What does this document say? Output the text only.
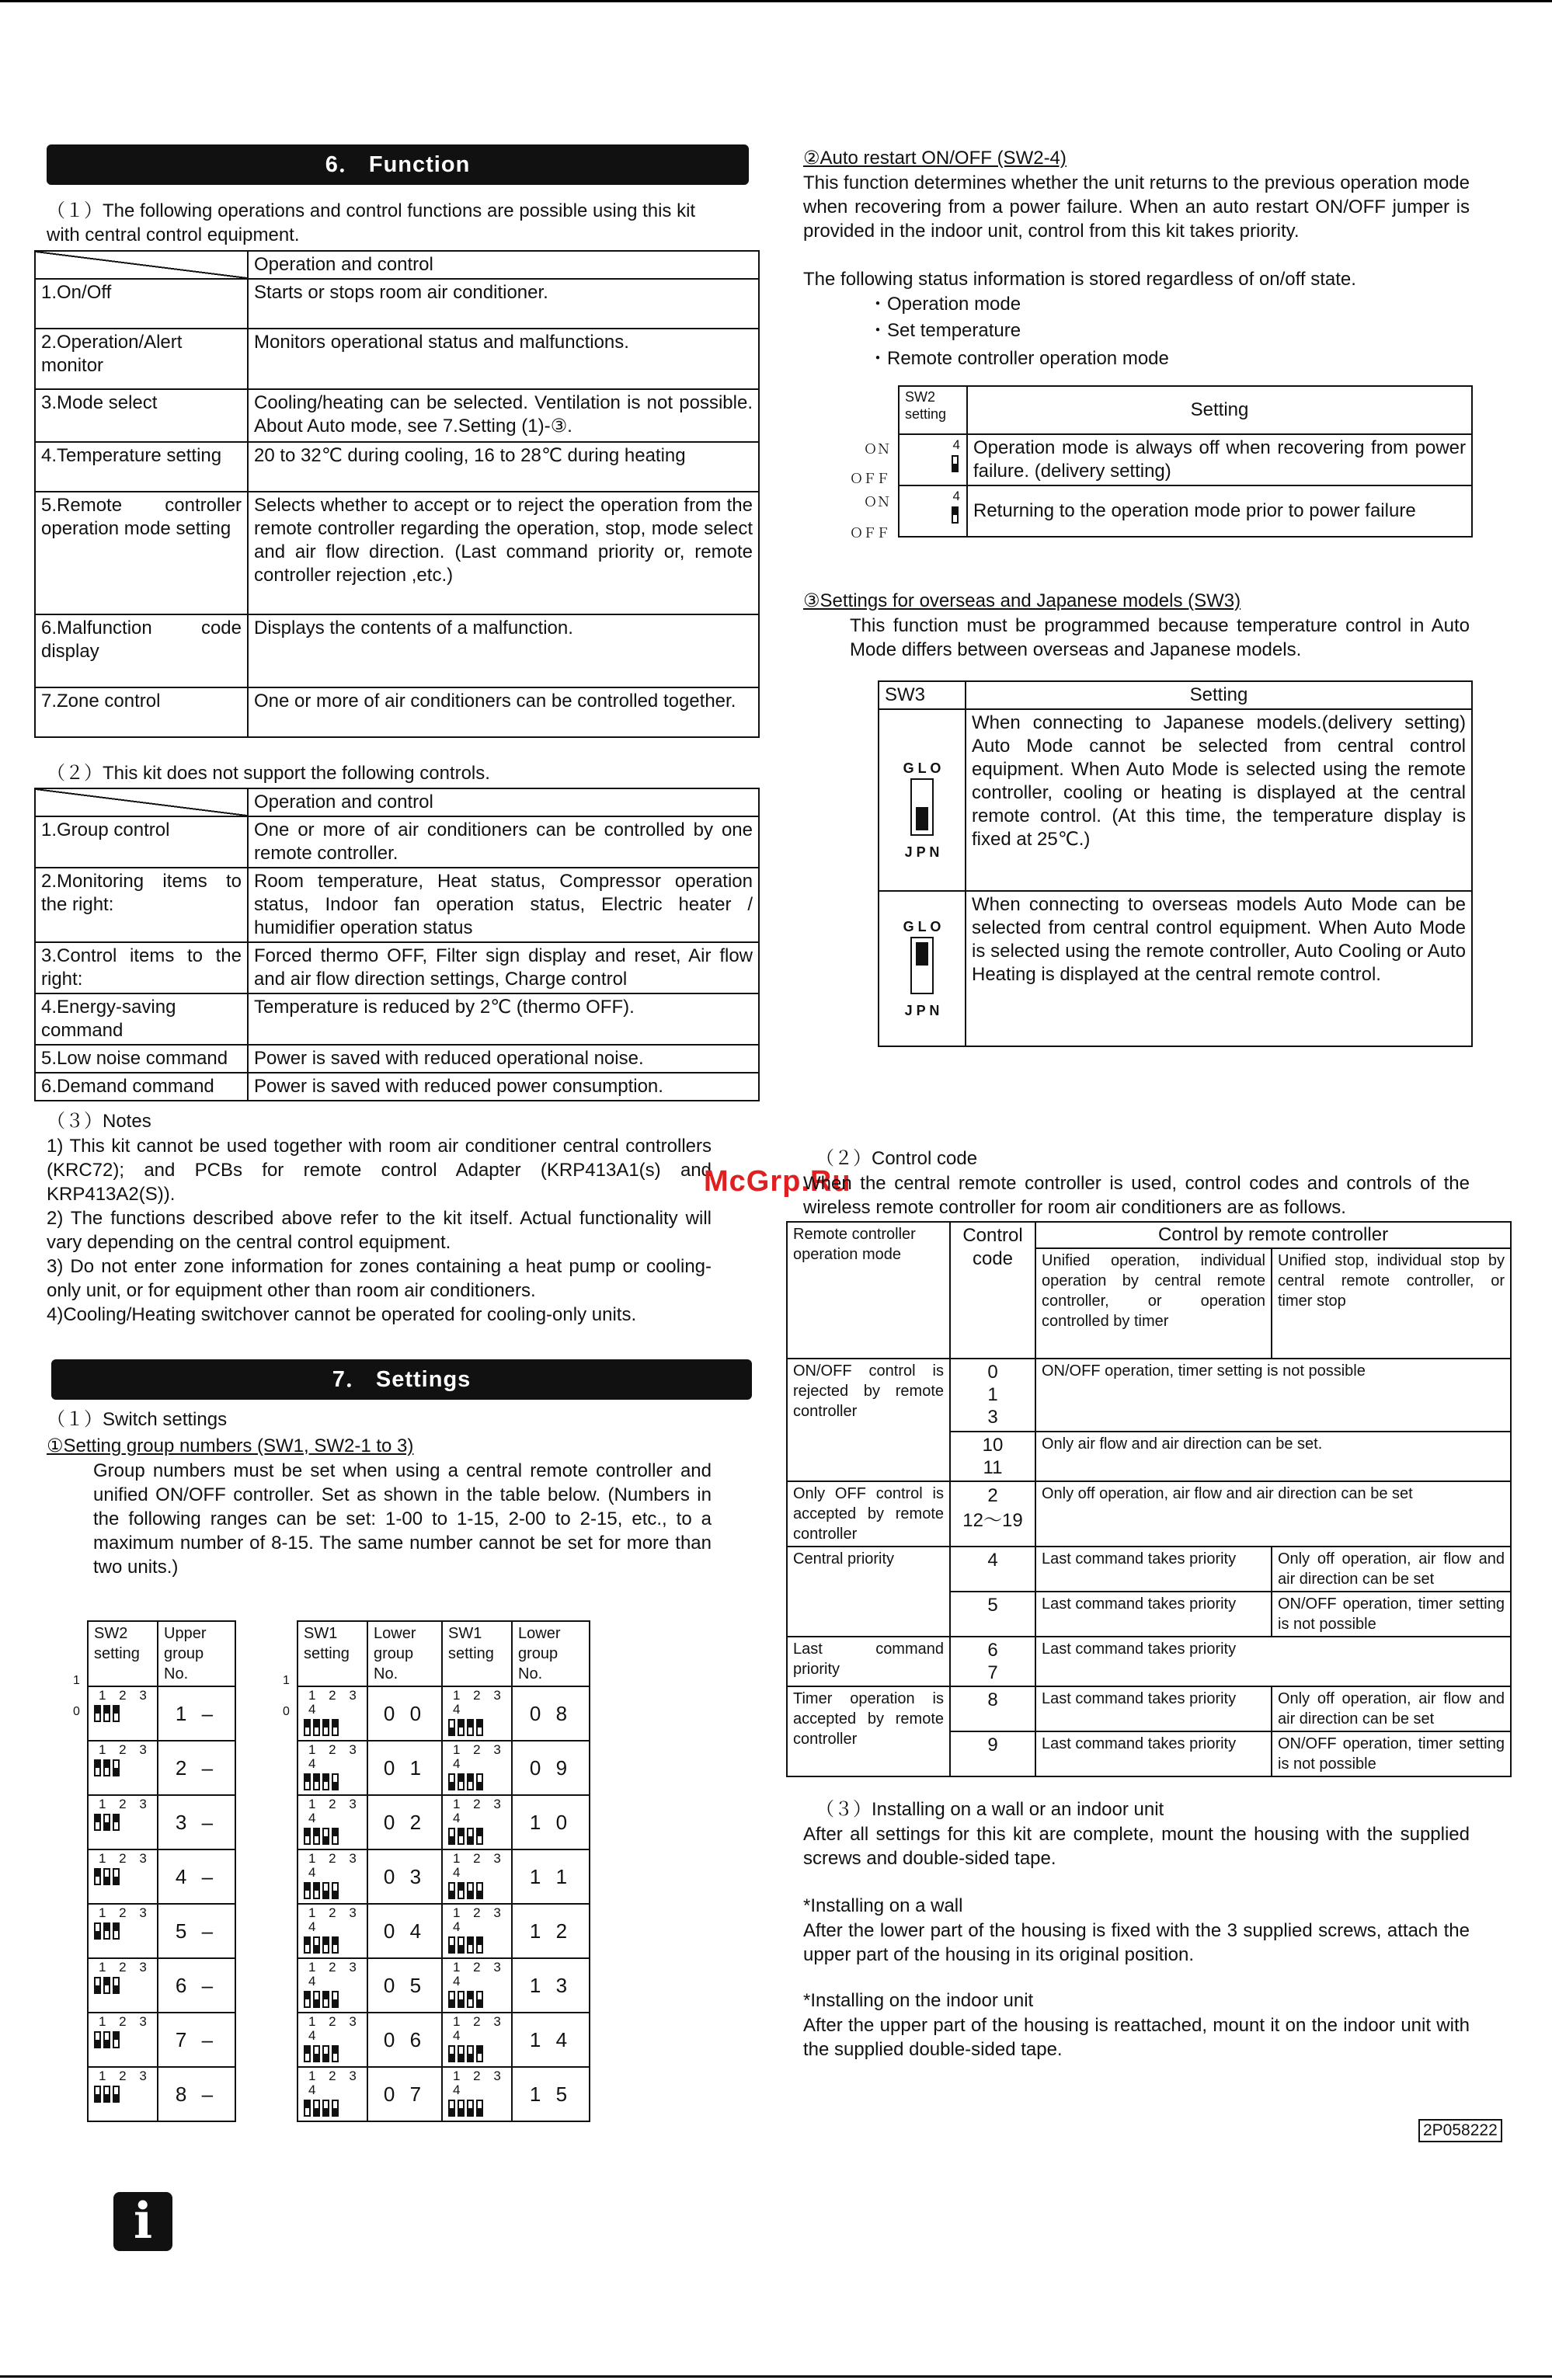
6． Function
（１）The following operations and control functions are possible using this kit with central control equipment.
	Operation and control
1.On/Off	Starts or stops room air conditioner.
2.Operation/Alert monitor	Monitors operational status and malfunctions.
3.Mode select	Cooling/heating can be selected. Ventilation is not possible. About Auto mode, see 7.Setting (1)-③.
4.Temperature setting	20 to 32℃ during cooling, 16 to 28℃ during heating
5.Remote controller operation mode setting	Selects whether to accept or to reject the operation from the remote controller regarding the operation, stop, mode select and air flow direction. (Last command priority or, remote controller rejection ,etc.)
6.Malfunction code display	Displays the contents of a malfunction.
7.Zone control	One or more of air conditioners can be controlled together.
（２）This kit does not support the following controls.
	Operation and control
1.Group control	One or more of air conditioners can be controlled by one remote controller.
2.Monitoring items to the right:	Room temperature, Heat status, Compressor operation status, Indoor fan operation status, Electric heater / humidifier operation status
3.Control items to the right:	Forced thermo OFF, Filter sign display and reset, Air flow and air flow direction settings, Charge control
4.Energy-saving command	Temperature is reduced by 2℃ (thermo OFF).
5.Low noise command	Power is saved with reduced operational noise.
6.Demand command	Power is saved with reduced power consumption.
（３）Notes
1) This kit cannot be used together with room air conditioner central controllers (KRC72); and PCBs for remote control Adapter (KRP413A1(s) and KRP413A2(S)).
2) The functions described above refer to the kit itself. Actual functionality will vary depending on the central control equipment.
3) Do not enter zone information for zones containing a heat pump or cooling-only unit, or for equipment other than room air conditioners.
4)Cooling/Heating switchover cannot be operated for cooling-only units.
7． Settings
（１）Switch settings
①Setting group numbers (SW1, SW2-1 to 3)
Group numbers must be set when using a central remote controller and unified ON/OFF controller. Set as shown in the table below. (Numbers in the following ranges can be set: 1-00 to 1-15, 2-00 to 2-15, etc., to a maximum number of 8-15. The same number cannot be set for more than two units.)
1
0
SW2 setting	Upper group No.

1 2 3	1 –

1 2 3	2 –

1 2 3	3 –

1 2 3	4 –

1 2 3	5 –

1 2 3	6 –

1 2 3	7 –

1 2 3	8 –
1
0
SW1 setting	Lower group No.	SW1 setting	Lower group No.

1 2 3 4	0 0	1 2 3 4	0 8

1 2 3 4	0 1	1 2 3 4	0 9

1 2 3 4	0 2	1 2 3 4	1 0

1 2 3 4	0 3	1 2 3 4	1 1

1 2 3 4	0 4	1 2 3 4	1 2

1 2 3 4	0 5	1 2 3 4	1 3

1 2 3 4	0 6	1 2 3 4	1 4

1 2 3 4	0 7	1 2 3 4	1 5
i
②Auto restart ON/OFF (SW2-4)
This function determines whether the unit returns to the previous operation mode when recovering from a power failure. When an auto restart ON/OFF jumper is provided in the indoor unit, control from this kit takes priority.
The following status information is stored regardless of on/off state.
・Operation mode
・Set temperature
・Remote controller operation mode
SW2 setting	Setting

4	Operation mode is always off when recovering from power failure. (delivery setting)

4	Returning to the operation mode prior to power failure
ＯＮ
ＯＦＦ
ＯＮ
ＯＦＦ
③Settings for overseas and Japanese models (SW3)
This function must be programmed because temperature control in Auto Mode differs between overseas and Japanese models.
SW3	Setting

G L O
J P N	When connecting to Japanese models.(delivery setting) Auto Mode cannot be selected from central control equipment. When Auto Mode is selected using the remote controller, cooling or heating is displayed at the central remote control. (At this time, the temperature display is fixed at 25℃.)

G L O
J P N	When connecting to overseas models Auto Mode can be selected from central control equipment. When Auto Mode is selected using the remote controller, Auto Cooling or Auto Heating is displayed at the central remote control.
（２）Control code
McGrp.Ru
When the central remote controller is used, control codes and controls of the wireless remote controller for room air conditioners are as follows.
Remote controller operation mode	Control code	Control by remote controller	
		Unified operation, individual operation by central remote controller, or operation controlled by timer	Unified stop, individual stop by central remote controller, or timer stop
ON/OFF control is rejected by remote controller	0
1
3	ON/OFF operation, timer setting is not possible	
	10
11	Only air flow and air direction can be set.	
Only OFF control is accepted by remote controller	2
12～19	Only off operation, air flow and air direction can be set	
Central priority	4	Last command takes priority	Only off operation, air flow and air direction can be set
	5	Last command takes priority	ON/OFF operation, timer setting is not possible
Last command priority	6
7	Last command takes priority	
Timer operation is accepted by remote controller	8	Last command takes priority	Only off operation, air flow and air direction can be set
	9	Last command takes priority	ON/OFF operation, timer setting is not possible
（３）Installing on a wall or an indoor unit
After all settings for this kit are complete, mount the housing with the supplied screws and double-sided tape.
*Installing on a wall
After the lower part of the housing is fixed with the 3 supplied screws, attach the upper part of the housing in its original position.
*Installing on the indoor unit
After the upper part of the housing is reattached, mount it on the indoor unit with the supplied double-sided tape.
2P058222
